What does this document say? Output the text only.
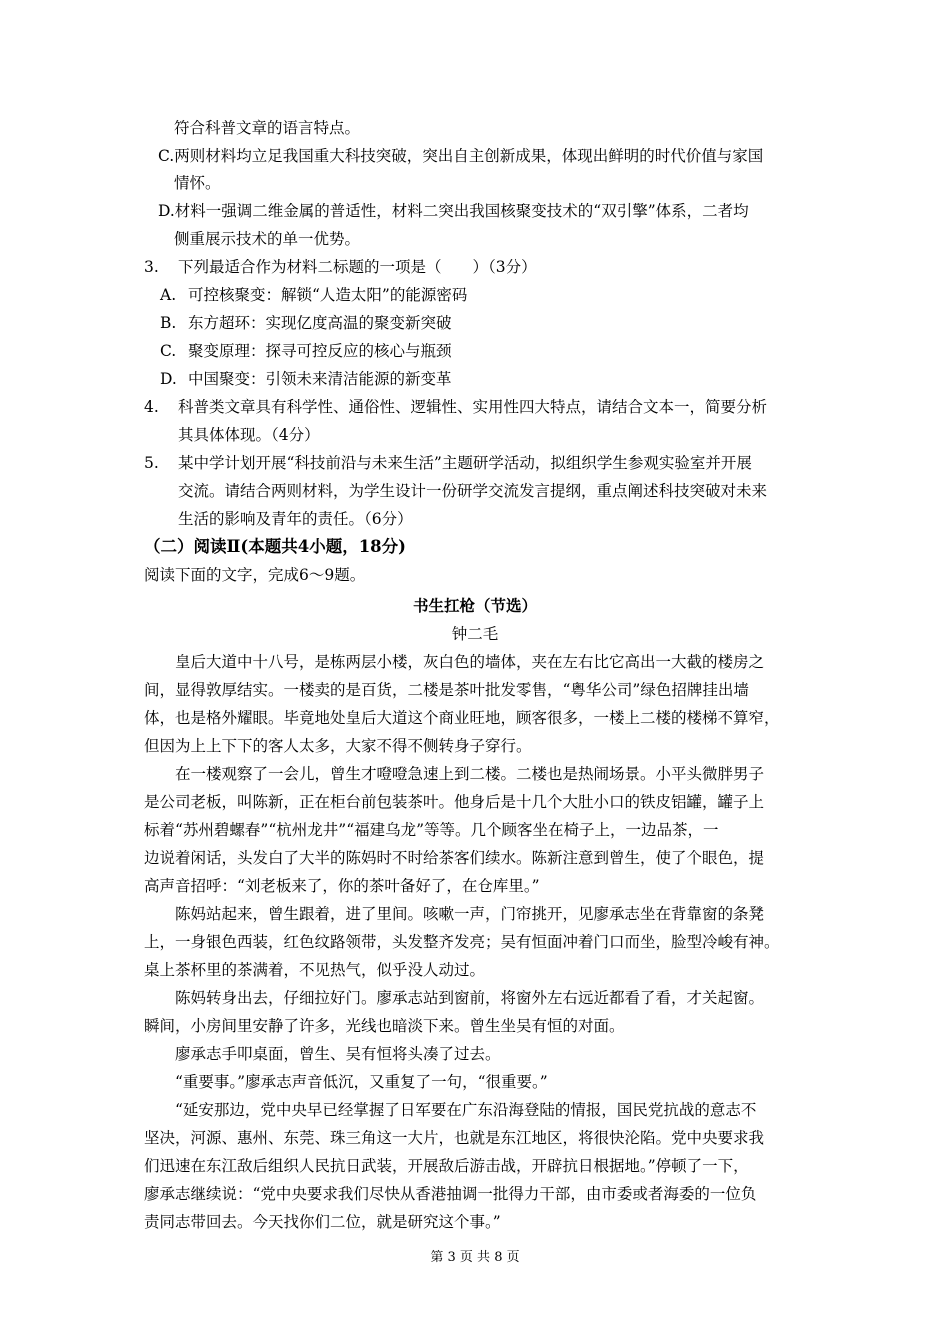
符合科普文章的语言特点。
C.两则材料均立足我国重大科技突破，突出自主创新成果，体现出鲜明的时代价值与家国
情怀。
D.材料一强调二维金属的普适性，材料二突出我国核聚变技术的“双引擎”体系，二者均
侧重展示技术的单一优势。
3. 下列最适合作为材料二标题的一项是（　　）（3分）
A. 可控核聚变：解锁“人造太阳”的能源密码
B. 东方超环：实现亿度高温的聚变新突破
C. 聚变原理：探寻可控反应的核心与瓶颈
D. 中国聚变：引领未来清洁能源的新变革
4. 科普类文章具有科学性、通俗性、逻辑性、实用性四大特点，请结合文本一，简要分析
其具体体现。（4分）
5. 某中学计划开展“科技前沿与未来生活”主题研学活动，拟组织学生参观实验室并开展
交流。请结合两则材料，为学生设计一份研学交流发言提纲，重点阐述科技突破对未来
生活的影响及青年的责任。（6分）
（二）阅读Ⅱ(本题共4小题，18分)
阅读下面的文字，完成6～9题。
书生扛枪（节选）
钟二毛
　　皇后大道中十八号，是栋两层小楼，灰白色的墙体，夹在左右比它高出一大截的楼房之
间，显得敦厚结实。一楼卖的是百货，二楼是茶叶批发零售，“粤华公司”绿色招牌挂出墙
体，也是格外耀眼。毕竟地处皇后大道这个商业旺地，顾客很多，一楼上二楼的楼梯不算窄，
但因为上上下下的客人太多，大家不得不侧转身子穿行。
　　在一楼观察了一会儿，曾生才噔噔急速上到二楼。二楼也是热闹场景。小平头微胖男子
是公司老板，叫陈新，正在柜台前包装茶叶。他身后是十几个大肚小口的铁皮铝罐，罐子上
标着“苏州碧螺春”“杭州龙井”“福建乌龙”等等。几个顾客坐在椅子上，一边品茶，一
边说着闲话，头发白了大半的陈妈时不时给茶客们续水。陈新注意到曾生，使了个眼色，提
高声音招呼：“刘老板来了，你的茶叶备好了，在仓库里。”
　　陈妈站起来，曾生跟着，进了里间。咳嗽一声，门帘挑开，见廖承志坐在背靠窗的条凳
上，一身银色西装，红色纹路领带，头发整齐发亮；吴有恒面冲着门口而坐，脸型冷峻有神。
桌上茶杯里的茶满着，不见热气，似乎没人动过。
　　陈妈转身出去，仔细拉好门。廖承志站到窗前，将窗外左右远近都看了看，才关起窗。
瞬间，小房间里安静了许多，光线也暗淡下来。曾生坐吴有恒的对面。
　　廖承志手叩桌面，曾生、吴有恒将头凑了过去。
　　“重要事。”廖承志声音低沉，又重复了一句，“很重要。”
　　“延安那边，党中央早已经掌握了日军要在广东沿海登陆的情报，国民党抗战的意志不
坚决，河源、惠州、东莞、珠三角这一大片，也就是东江地区，将很快沦陷。党中央要求我
们迅速在东江敌后组织人民抗日武装，开展敌后游击战，开辟抗日根据地。”停顿了一下，
廖承志继续说：“党中央要求我们尽快从香港抽调一批得力干部，由市委或者海委的一位负
责同志带回去。今天找你们二位，就是研究这个事。”
第 3 页 共 8 页
